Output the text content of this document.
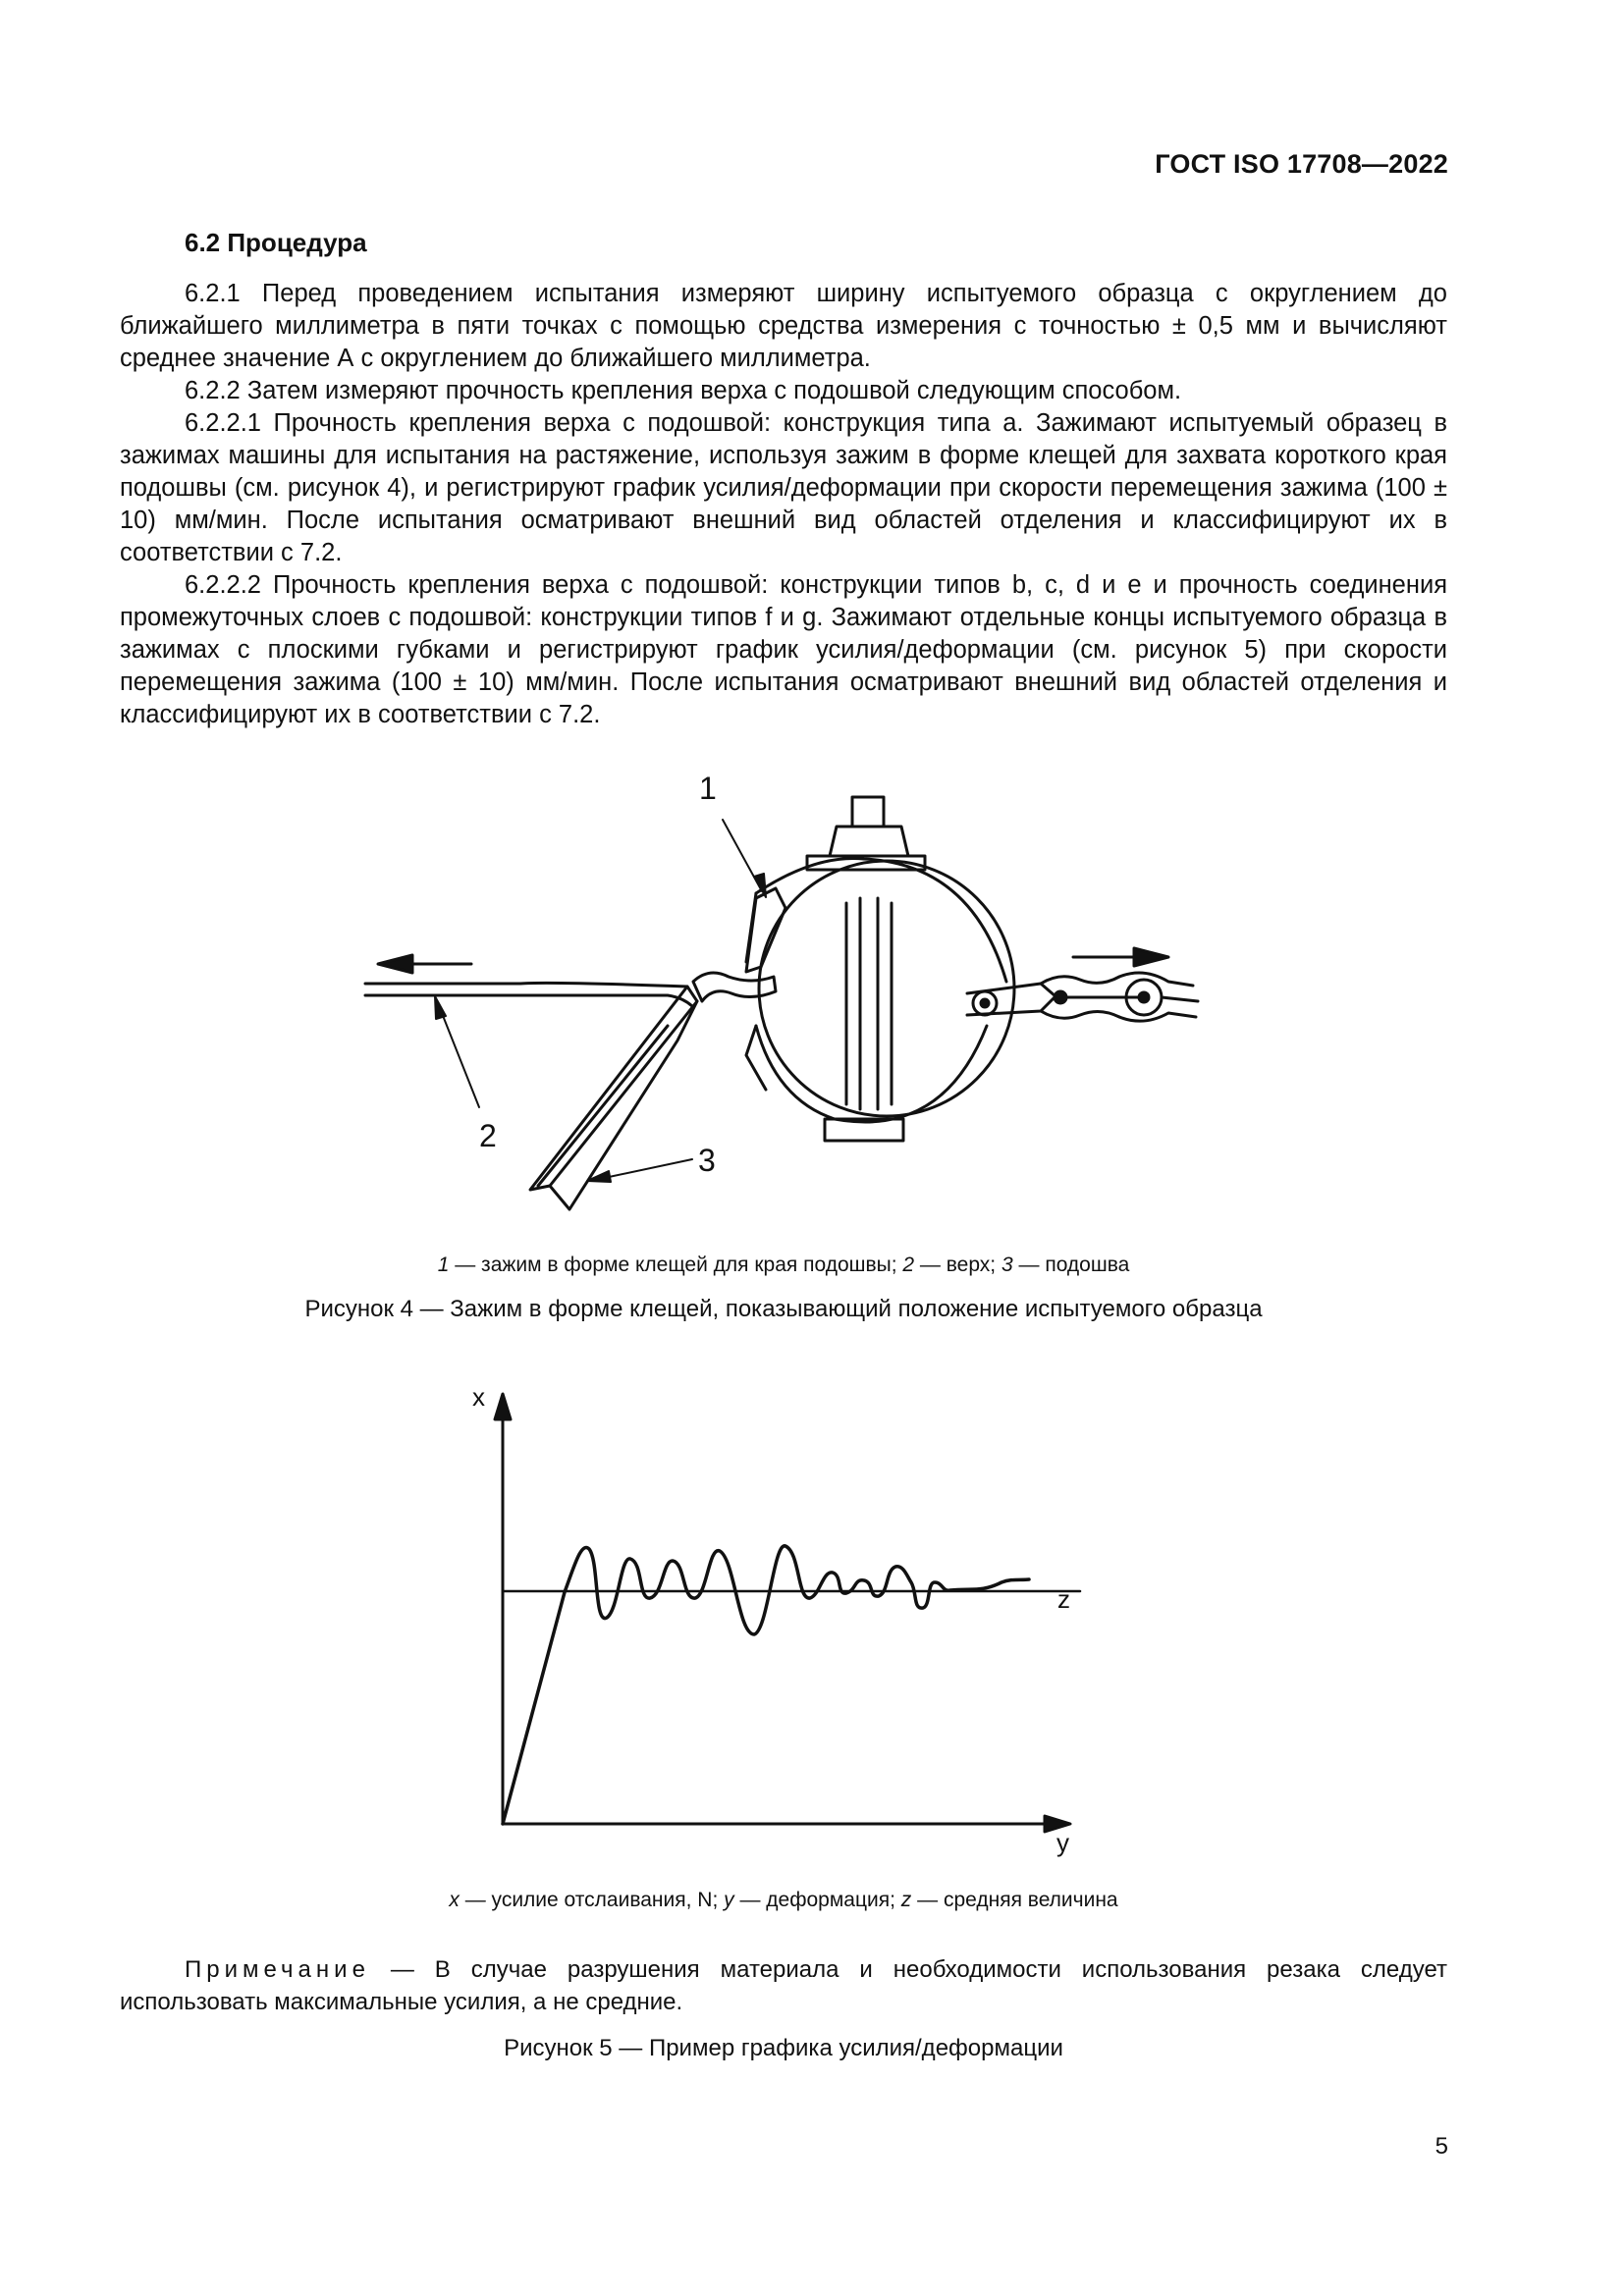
ГОСТ ISO 17708—2022
6.2 Процедура

6.2.1 Перед проведением испытания измеряют ширину испытуемого образца с округлением до ближайшего миллиметра в пяти точках с помощью средства измерения с точностью ± 0,5 мм и вычисляют среднее значение А с округлением до ближайшего миллиметра.

6.2.2 Затем измеряют прочность крепления верха с подошвой следующим способом.

6.2.2.1 Прочность крепления верха с подошвой: конструкция типа a. Зажимают испытуемый образец в зажимах машины для испытания на растяжение, используя зажим в форме клещей для захвата короткого края подошвы (см. рисунок 4), и регистрируют график усилия/деформации при скорости перемещения зажима (100 ± 10) мм/мин. После испытания осматривают внешний вид областей отделения и классифицируют их в соответствии с 7.2.

6.2.2.2 Прочность крепления верха с подошвой: конструкции типов b, c, d и e и прочность соединения промежуточных слоев с подошвой: конструкции типов f и g. Зажимают отдельные концы испытуемого образца в зажимах с плоскими губками и регистрируют график усилия/деформации (см. рисунок 5) при скорости перемещения зажима (100 ± 10) мм/мин. После испытания осматривают внешний вид областей отделения и классифицируют их в соответствии с 7.2.

1
2
3
1 — зажим в форме клещей для края подошвы; 2 — верх; 3 — подошва
Рисунок 4 — Зажим в форме клещей, показывающий положение испытуемого образца
x
z
y
x — усилие отслаивания, N; y — деформация; z — средняя величина

Примечание — В случае разрушения материала и необходимости использования резака следует использовать максимальные усилия, а не средние.

Рисунок 5 — Пример графика усилия/деформации
5
